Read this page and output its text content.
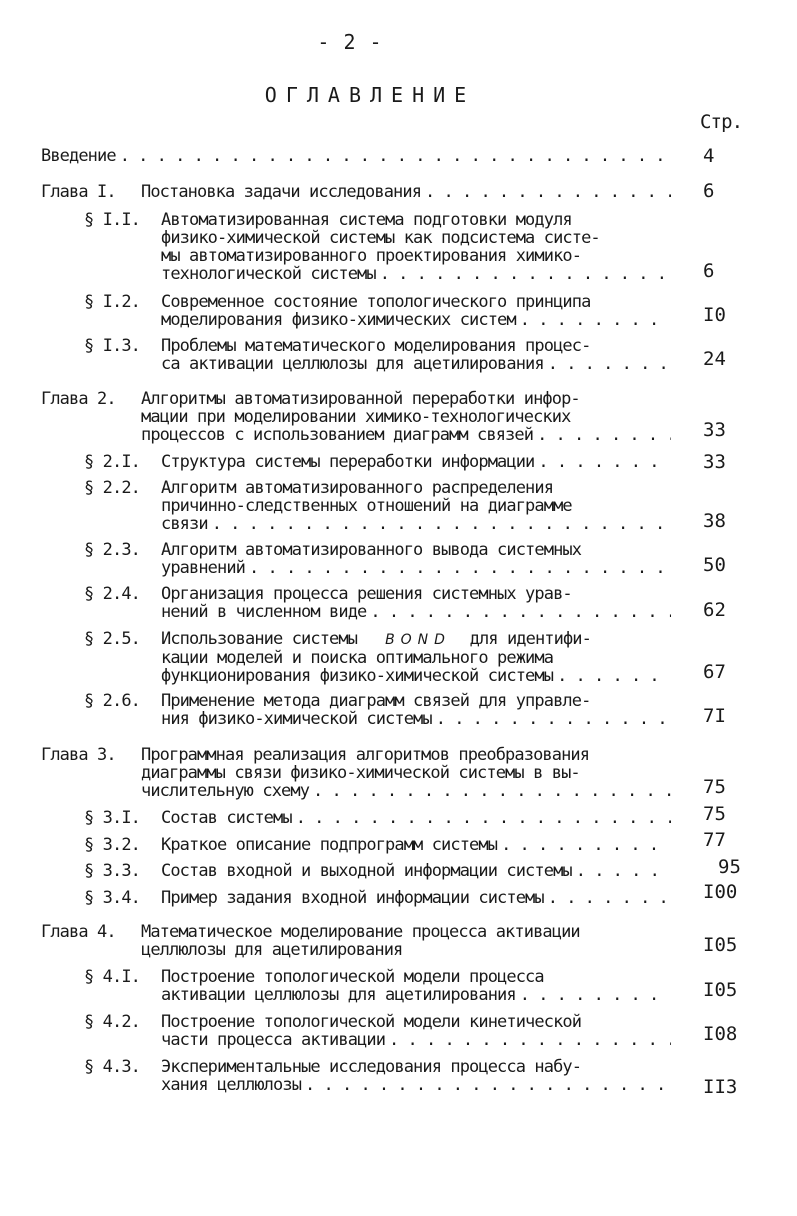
- 2 -
ОГЛАВЛЕНИЕ
Стр.
Введение . . .	4
Глава I. Постановка задачи исследования . . .	6
§ I.I. Автоматизированная система подготовки модуля
физико-химической системы как подсистема систе-
мы автоматизированного проектирования химико-
технологической системы . . .	6
§ I.2. Современное состояние топологического принципа
моделирования физико-химических систем . . .	I0
§ I.3. Проблемы математического моделирования процес-
са активации целлюлозы для ацетилирования . . .	24
Глава 2. Алгоритмы автоматизированной переработки инфор-
мации при моделировании химико-технологических
процессов с использованием диаграмм связей . . .	33
§ 2.I. Структура системы переработки информации . . .	33
§ 2.2. Алгоритм автоматизированного распределения
причинно-следственных отношений на диаграмме
связи . . .	38
§ 2.3. Алгоритм автоматизированного вывода системных
уравнений . . .	50
§ 2.4. Организация процесса решения системных урав-
нений в численном виде . . .	62
§ 2.5. Использование системы BOND для идентифи-
кации моделей и поиска оптимального режима
функционирования физико-химической системы . . .	67
§ 2.6. Применение метода диаграмм связей для управле-
ния физико-химической системы . . .	7I
Глава 3. Программная реализация алгоритмов преобразования
диаграммы связи физико-химической системы в вы-
числительную схему . . .	75
§ 3.I. Состав системы . . .	75
§ 3.2. Краткое описание подпрограмм системы . . .	77
§ 3.3. Состав входной и выходной информации системы . . .	95
§ 3.4. Пример задания входной информации системы . . .	I00
Глава 4. Математическое моделирование процесса активации
целлюлозы для ацетилирования	I05
§ 4.I. Построение топологической модели процесса
активации целлюлозы для ацетилирования . . .	I05
§ 4.2. Построение топологической модели кинетической
части процесса активации . . .	I08
§ 4.3. Экспериментальные исследования процесса набу-
хания целлюлозы . . .	II3
